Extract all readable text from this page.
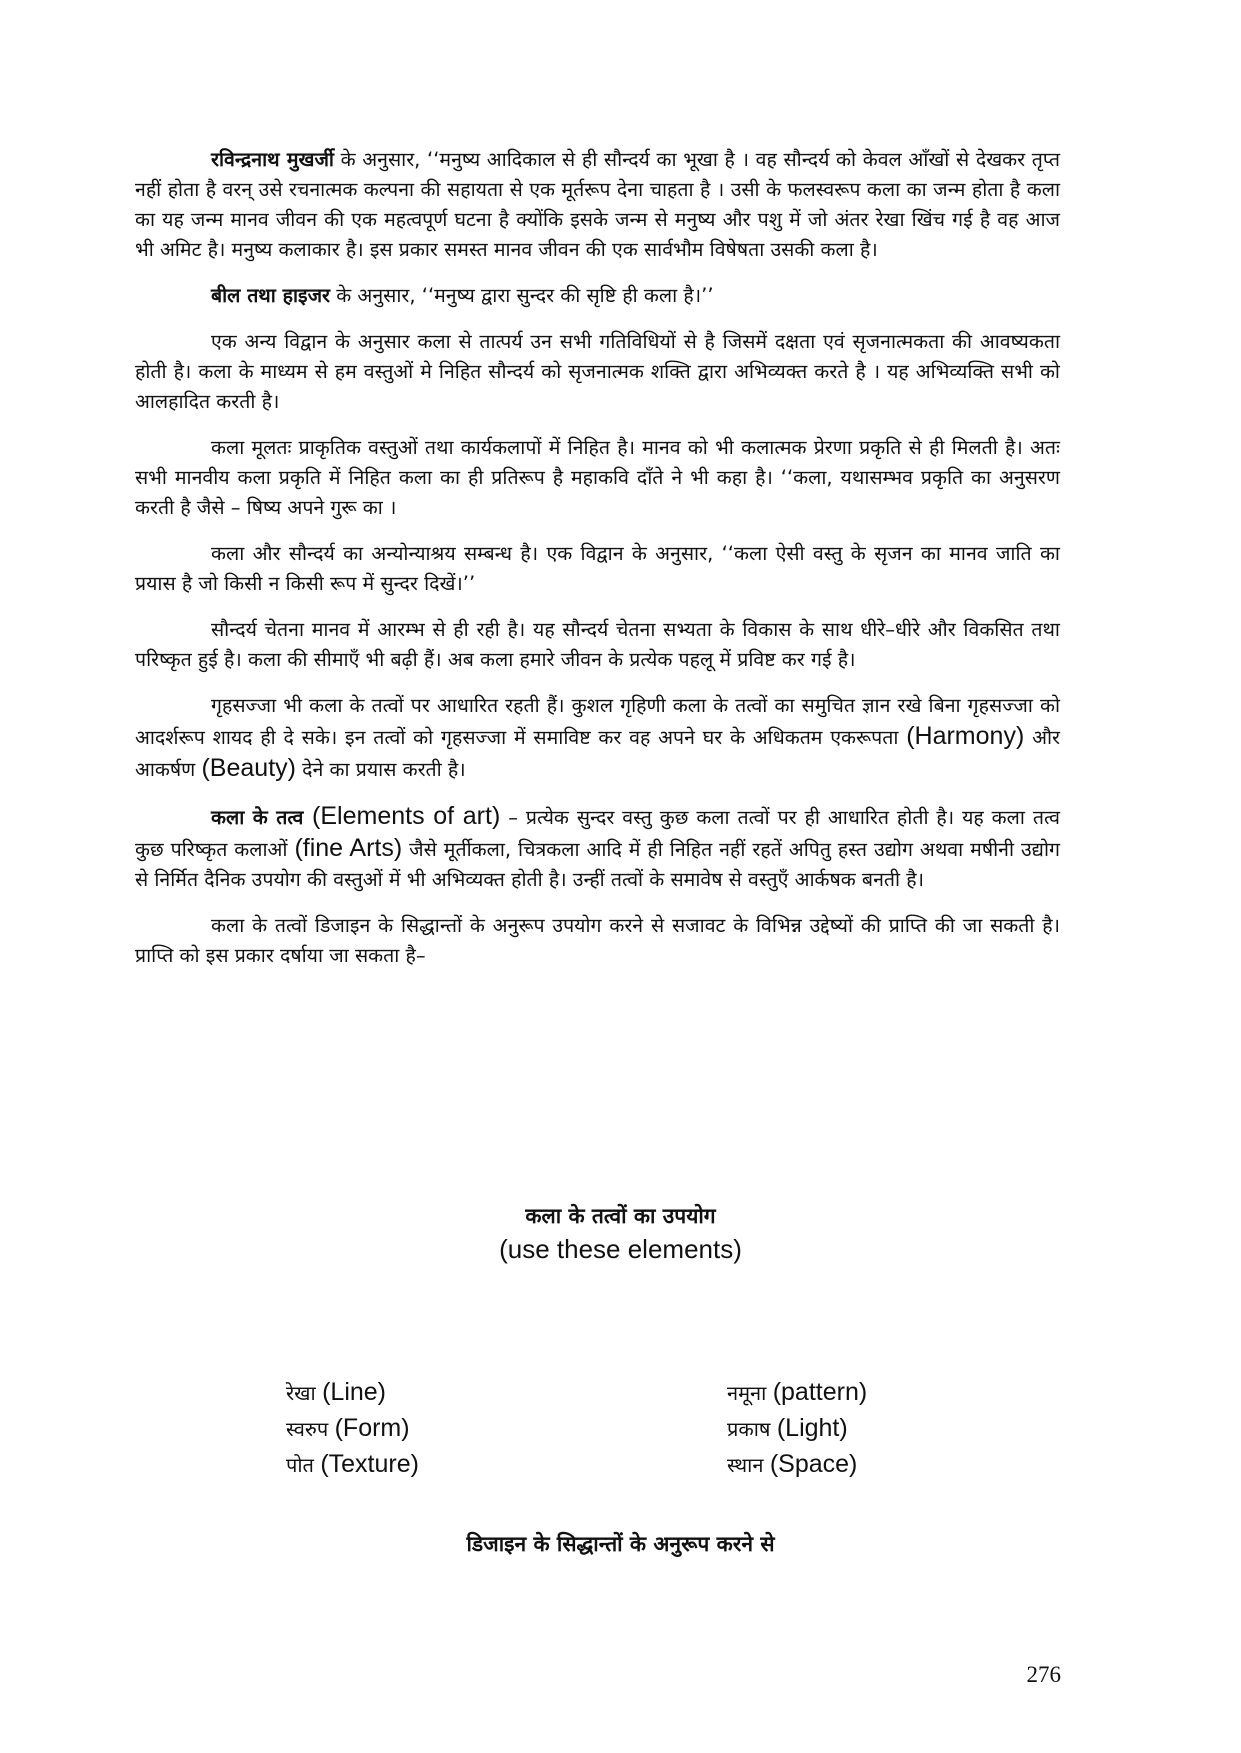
रविन्द्रनाथ मुखर्जी के अनुसार, ‘‘मनुष्य आदिकाल से ही सौन्दर्य का भूखा है । वह सौन्दर्य को केवल आँखों से देखकर तृप्त नहीं होता है वरन् उसे रचनात्मक कल्पना की सहायता से एक मूर्तरूप देना चाहता है । उसी के फलस्वरूप कला का जन्म होता है कला का यह जन्म मानव जीवन की एक महत्वपूर्ण घटना है क्योंकि इसके जन्म से मनुष्य और पशु में जो अंतर रेखा खिंच गई है वह आज भी अमिट है। मनुष्य कलाकार है। इस प्रकार समस्त मानव जीवन की एक सार्वभौम विषेषता उसकी कला है।

बील तथा हाइजर के अनुसार, ‘‘मनुष्य द्वारा सुन्दर की सृष्टि ही कला है।’’

एक अन्य विद्वान के अनुसार कला से तात्पर्य उन सभी गतिविधियों से है जिसमें दक्षता एवं सृजनात्मकता की आवष्यकता होती है। कला के माध्यम से हम वस्तुओं मे निहित सौन्दर्य को सृजनात्मक शक्ति द्वारा अभिव्यक्त करते है । यह अभिव्यक्ति सभी को आलहादित करती है।

कला मूलतः प्राकृतिक वस्तुओं तथा कार्यकलापों में निहित है। मानव को भी कलात्मक प्रेरणा प्रकृति से ही मिलती है। अतः सभी मानवीय कला प्रकृति में निहित कला का ही प्रतिरूप है महाकवि दाँते ने भी कहा है। ‘‘कला, यथासम्भव प्रकृति का अनुसरण करती है जैसे – षिष्य अपने गुरू का ।

कला और सौन्दर्य का अन्योन्याश्रय सम्बन्ध है। एक विद्वान के अनुसार, ‘‘कला ऐसी वस्तु के सृजन का मानव जाति का प्रयास है जो किसी न किसी रूप में सुन्दर दिखें।’’

सौन्दर्य चेतना मानव में आरम्भ से ही रही है। यह सौन्दर्य चेतना सभ्यता के विकास के साथ धीरे–धीरे और विकसित तथा परिष्कृत हुई है। कला की सीमाएँ भी बढ़ी हैं। अब कला हमारे जीवन के प्रत्येक पहलू में प्रविष्ट कर गई है।

गृहसज्जा भी कला के तत्वों पर आधारित रहती हैं। कुशल गृहिणी कला के तत्वों का समुचित ज्ञान रखे बिना गृहसज्जा को आदर्शरूप शायद ही दे सके। इन तत्वों को गृहसज्जा में समाविष्ट कर वह अपने घर के अधिकतम एकरूपता (Harmony) और आकर्षण (Beauty) देने का प्रयास करती है।

कला के तत्व (Elements of art) – प्रत्येक सुन्दर वस्तु कुछ कला तत्वों पर ही आधारित होती है। यह कला तत्व कुछ परिष्कृत कलाओं (fine Arts) जैसे मूर्तीकला, चित्रकला आदि में ही निहित नहीं रहतें अपितु हस्त उद्योग अथवा मषीनी उद्योग से निर्मित दैनिक उपयोग की वस्तुओं में भी अभिव्यक्त होती है। उन्हीं तत्वों के समावेष से वस्तुएँ आर्कषक बनती है।

कला के तत्वों डिजाइन के सिद्धान्तों के अनुरूप उपयोग करने से सजावट के विभिन्न उद्देष्यों की प्राप्ति की जा सकती है। प्राप्ति को इस प्रकार दर्षाया जा सकता है–

कला के तत्वों का उपयोग
(use these elements)
रेखा (Line)
स्वरुप (Form)
पोत (Texture)
नमूना (pattern)
प्रकाष (Light)
स्थान (Space)
डिजाइन के सिद्धान्तों के अनुरूप करने से
276
